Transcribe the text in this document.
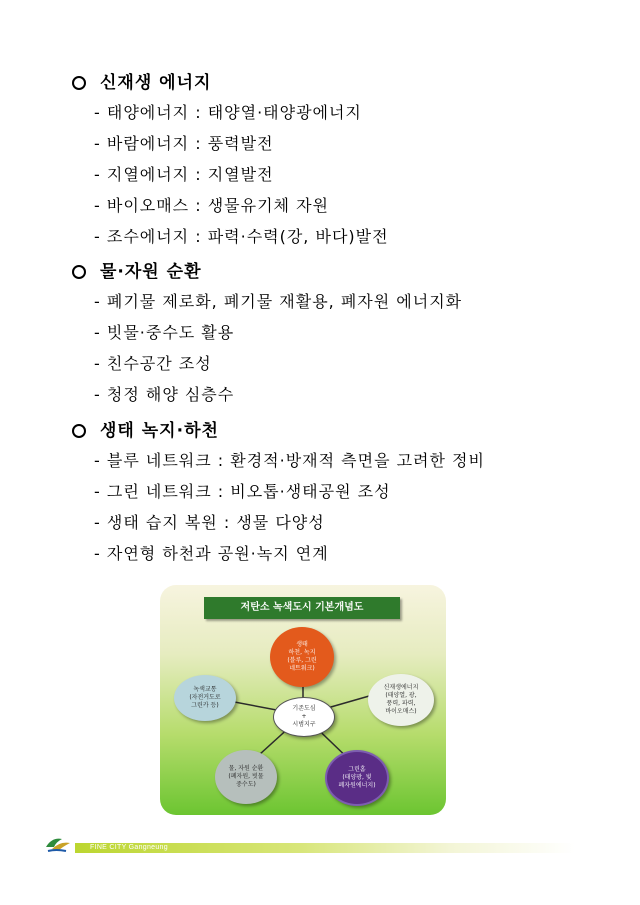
신재생 에너지
- 태양에너지 : 태양열·태양광에너지
- 바람에너지 : 풍력발전
- 지열에너지 : 지열발전
- 바이오매스 : 생물유기체 자원
- 조수에너지 : 파력·수력(강, 바다)발전
물·자원 순환
- 폐기물 제로화, 폐기물 재활용, 폐자원 에너지화
- 빗물·중수도 활용
- 친수공간 조성
- 청정 해양 심층수
생태 녹지·하천
- 블루 네트워크 : 환경적·방재적 측면을 고려한 정비
- 그린 네트워크 : 비오톱·생태공원 조성
- 생태 습지 복원 : 생물 다양성
- 자연형 하천과 공원·녹지 연계
저탄소 녹색도시 기본개념도
기존도심
+
시범지구
생태
하천, 녹지
(블루, 그린
네트워크)
신재생에너지
(태양열, 광,
풍력, 파력,
바이오매스)
그린홈
(태양광, 빛
폐자원에너지)
물, 자원 순환
(폐자원, 빗물
중수도)
녹색교통
(자전거도로
그린카 등)
FINE CITY Gangneung
